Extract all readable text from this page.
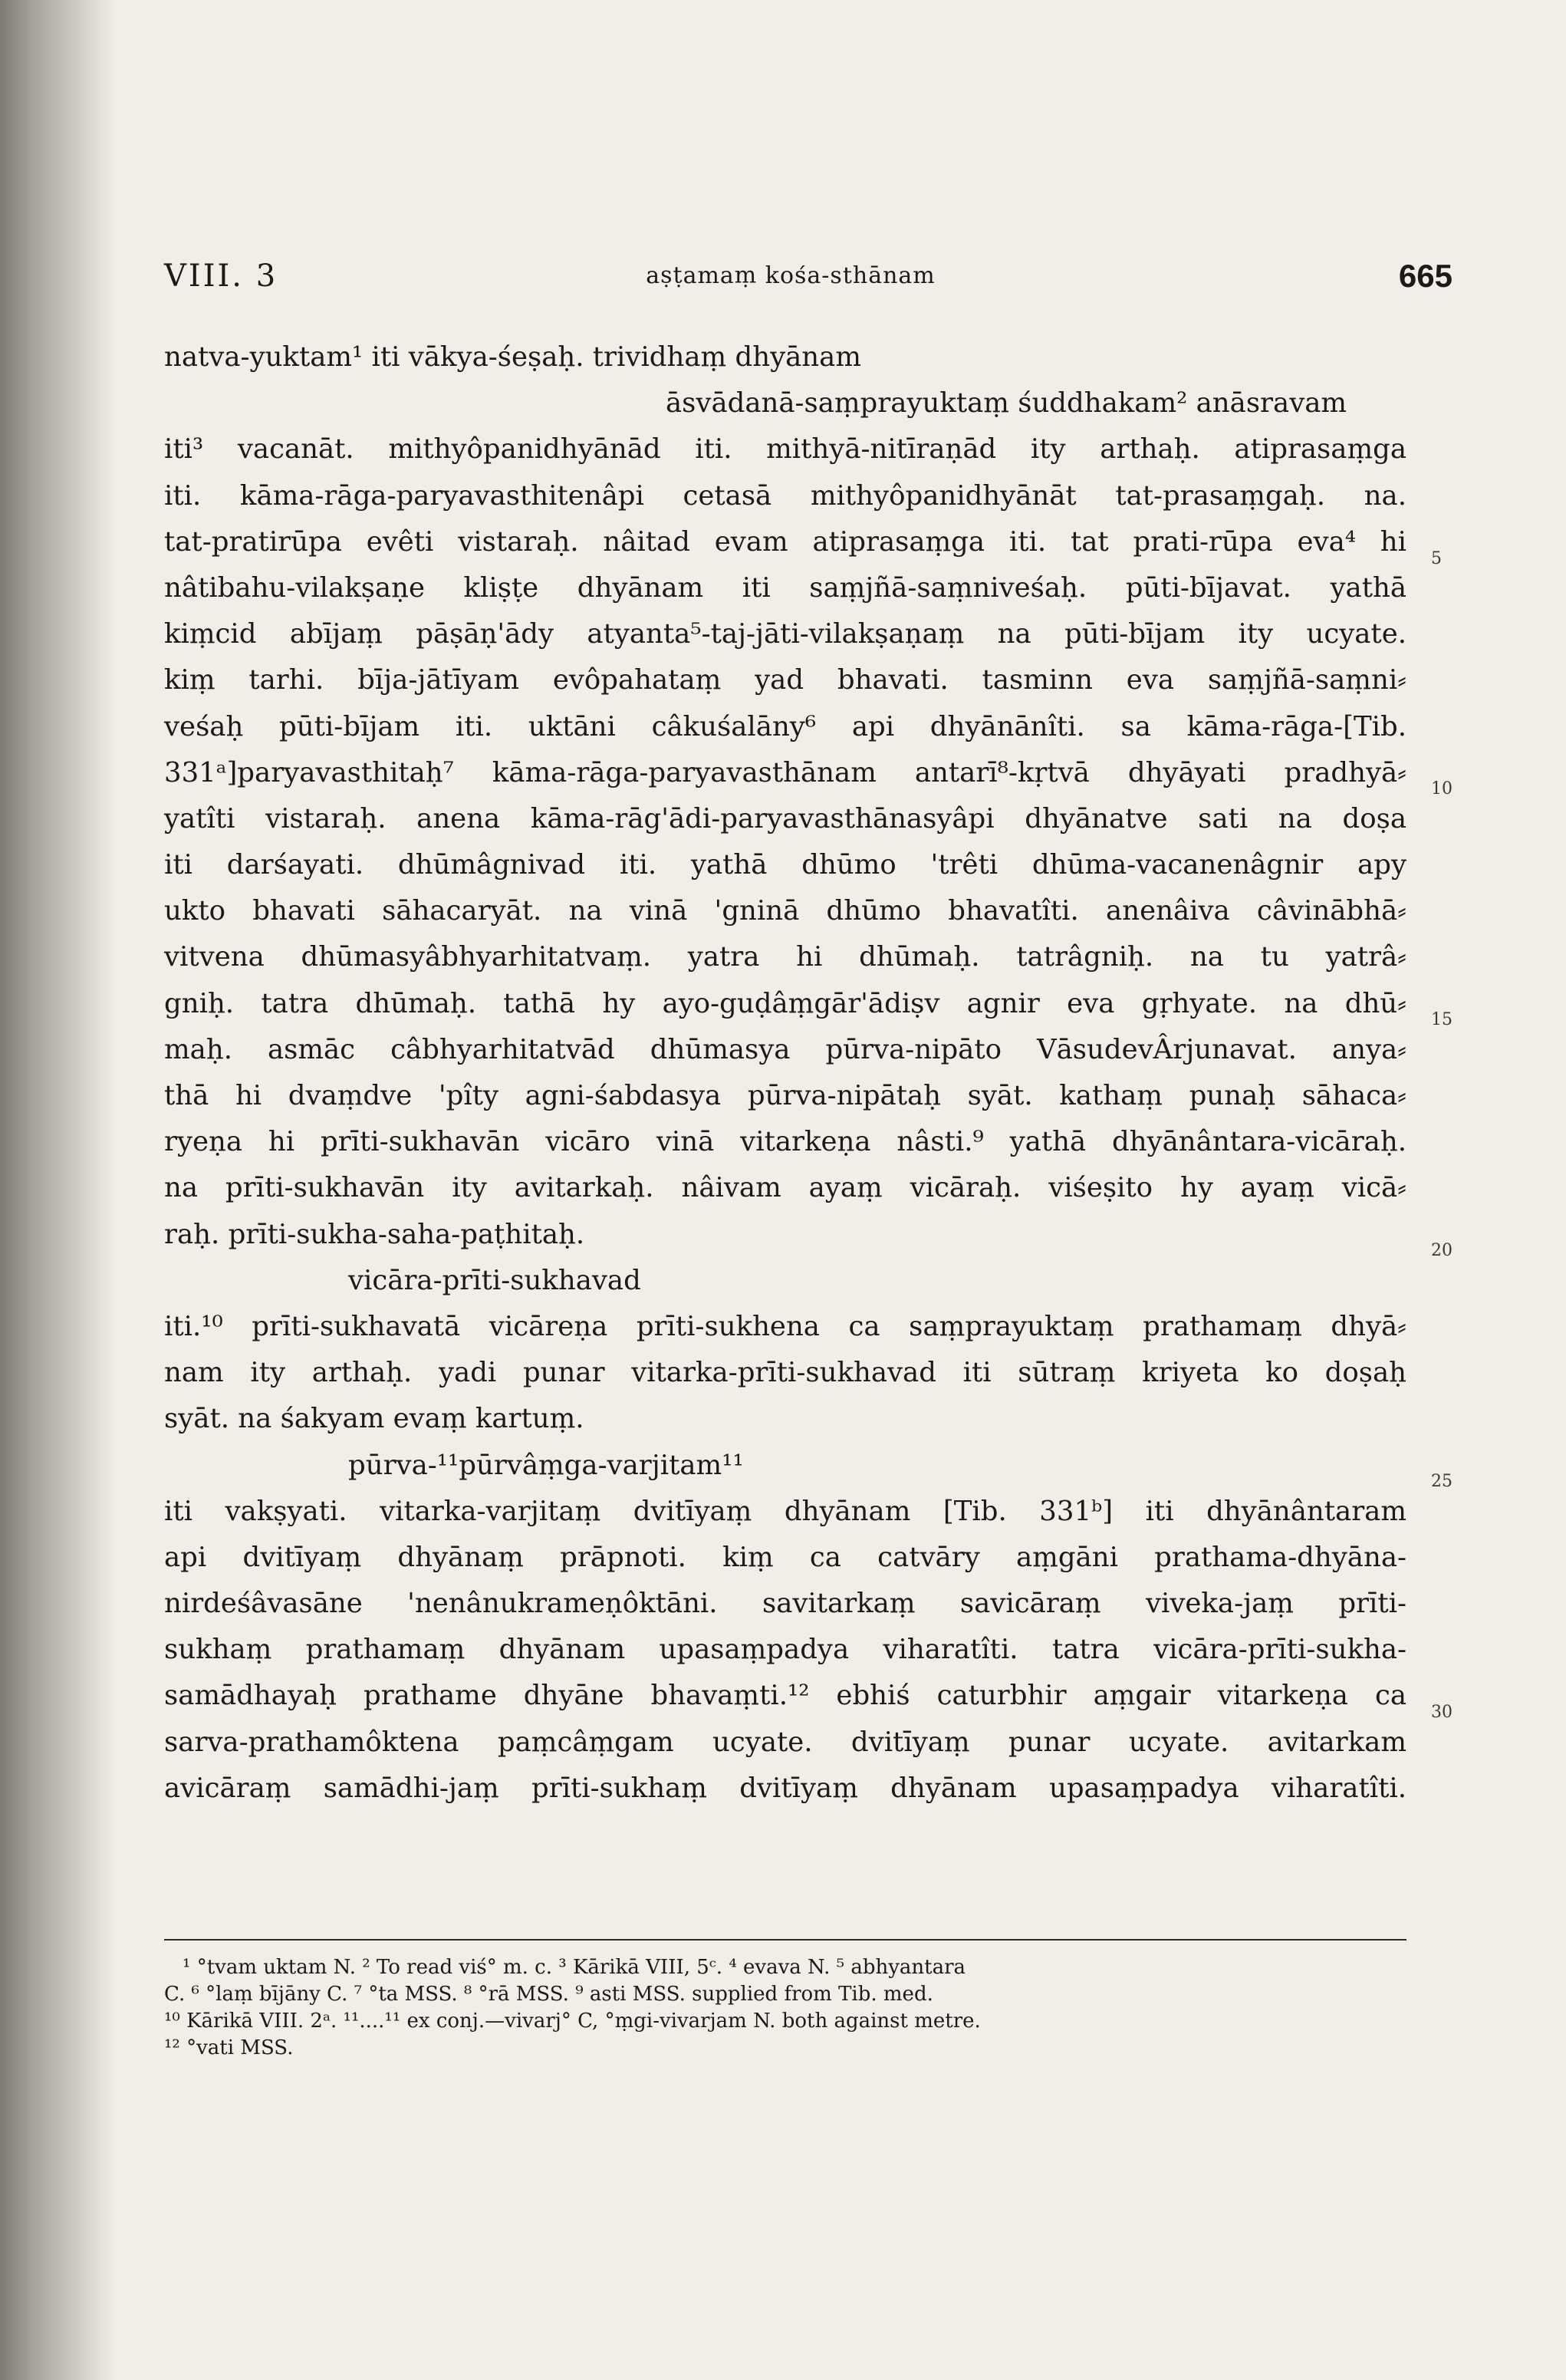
VIII. 3	aṣṭamaṃ kośa-sthānam	665
natva-yuktam¹ iti vākya-śeṣaḥ. trividhaṃ dhyānam
āsvādanā-saṃprayuktaṃ śuddhakam² anāsravam
iti³ vacanāt. mithyôpanidhyānād iti. mithyā-nitīraṇād ity arthaḥ. atiprasaṃga
iti. kāma-rāga-paryavasthitenâpi cetasā mithyôpanidhyānāt tat-prasaṃgaḥ. na.
tat-pratirūpa evêti vistaraḥ. nâitad evam atiprasaṃga iti. tat prati-rūpa eva⁴ hi
nâtibahu-vilakṣaṇe kliṣṭe dhyānam iti saṃjñā-saṃniveśaḥ. pūti-bījavat. yathā
kiṃcid abījaṃ pāṣāṇ'ādy atyanta⁵-taj-jāti-vilakṣaṇaṃ na pūti-bījam ity ucyate.
kiṃ tarhi. bīja-jātīyam evôpahataṃ yad bhavati. tasminn eva saṃjñā-saṃni⸗
veśaḥ pūti-bījam iti. uktāni câkuśalāny⁶ api dhyānānîti. sa kāma-rāga-[Tib.
331ᵃ]paryavasthitaḥ⁷ kāma-rāga-paryavasthānam antarī⁸-kṛtvā dhyāyati pradhyā⸗
yatîti vistaraḥ. anena kāma-rāg'ādi-paryavasthānasyâpi dhyānatve sati na doṣa
iti darśayati. dhūmâgnivad iti. yathā dhūmo 'trêti dhūma-vacanenâgnir apy
ukto bhavati sāhacaryāt. na vinā 'gninā dhūmo bhavatîti. anenâiva câvinābhā⸗
vitvena dhūmasyâbhyarhitatvaṃ. yatra hi dhūmaḥ. tatrâgniḥ. na tu yatrâ⸗
gniḥ. tatra dhūmaḥ. tathā hy ayo-guḍâṃgār'ādiṣv agnir eva gṛhyate. na dhū⸗
maḥ. asmāc câbhyarhitatvād dhūmasya pūrva-nipāto VāsudevÂrjunavat. anya⸗
thā hi dvaṃdve 'pîty agni-śabdasya pūrva-nipātaḥ syāt. kathaṃ punaḥ sāhaca⸗
ryeṇa hi prīti-sukhavān vicāro vinā vitarkeṇa nâsti.⁹ yathā dhyānântara-vicāraḥ.
na prīti-sukhavān ity avitarkaḥ. nâivam ayaṃ vicāraḥ. viśeṣito hy ayaṃ vicā⸗
raḥ. prīti-sukha-saha-paṭhitaḥ.
vicāra-prīti-sukhavad
iti.¹⁰ prīti-sukhavatā vicāreṇa prīti-sukhena ca saṃprayuktaṃ prathamaṃ dhyā⸗
nam ity arthaḥ. yadi punar vitarka-prīti-sukhavad iti sūtraṃ kriyeta ko doṣaḥ
syāt. na śakyam evaṃ kartuṃ.
pūrva-¹¹pūrvâṃga-varjitam¹¹
iti vakṣyati. vitarka-varjitaṃ dvitīyaṃ dhyānam [Tib. 331ᵇ] iti dhyānântaram
api dvitīyaṃ dhyānaṃ prāpnoti. kiṃ ca catvāry aṃgāni prathama-dhyāna-
nirdeśâvasāne 'nenânukrameṇôktāni. savitarkaṃ savicāraṃ viveka-jaṃ prīti-
sukhaṃ prathamaṃ dhyānam upasaṃpadya viharatîti. tatra vicāra-prīti-sukha-
samādhayaḥ prathame dhyāne bhavaṃti.¹² ebhiś caturbhir aṃgair vitarkeṇa ca
sarva-prathamôktena paṃcâṃgam ucyate. dvitīyaṃ punar ucyate. avitarkam
avicāraṃ samādhi-jaṃ prīti-sukhaṃ dvitīyaṃ dhyānam upasaṃpadya viharatîti.
5
10
15
20
25
30
¹ °tvam uktam N. ² To read viś° m. c. ³ Kārikā VIII, 5ᶜ. ⁴ evava N. ⁵ abhyantara
C. ⁶ °laṃ bījāny C. ⁷ °ta MSS. ⁸ °rā MSS. ⁹ asti MSS. supplied from Tib. med.
¹⁰ Kārikā VIII. 2ᵃ. ¹¹....¹¹ ex conj.—vivarj° C, °ṃgi-vivarjam N. both against metre.
¹² °vati MSS.
